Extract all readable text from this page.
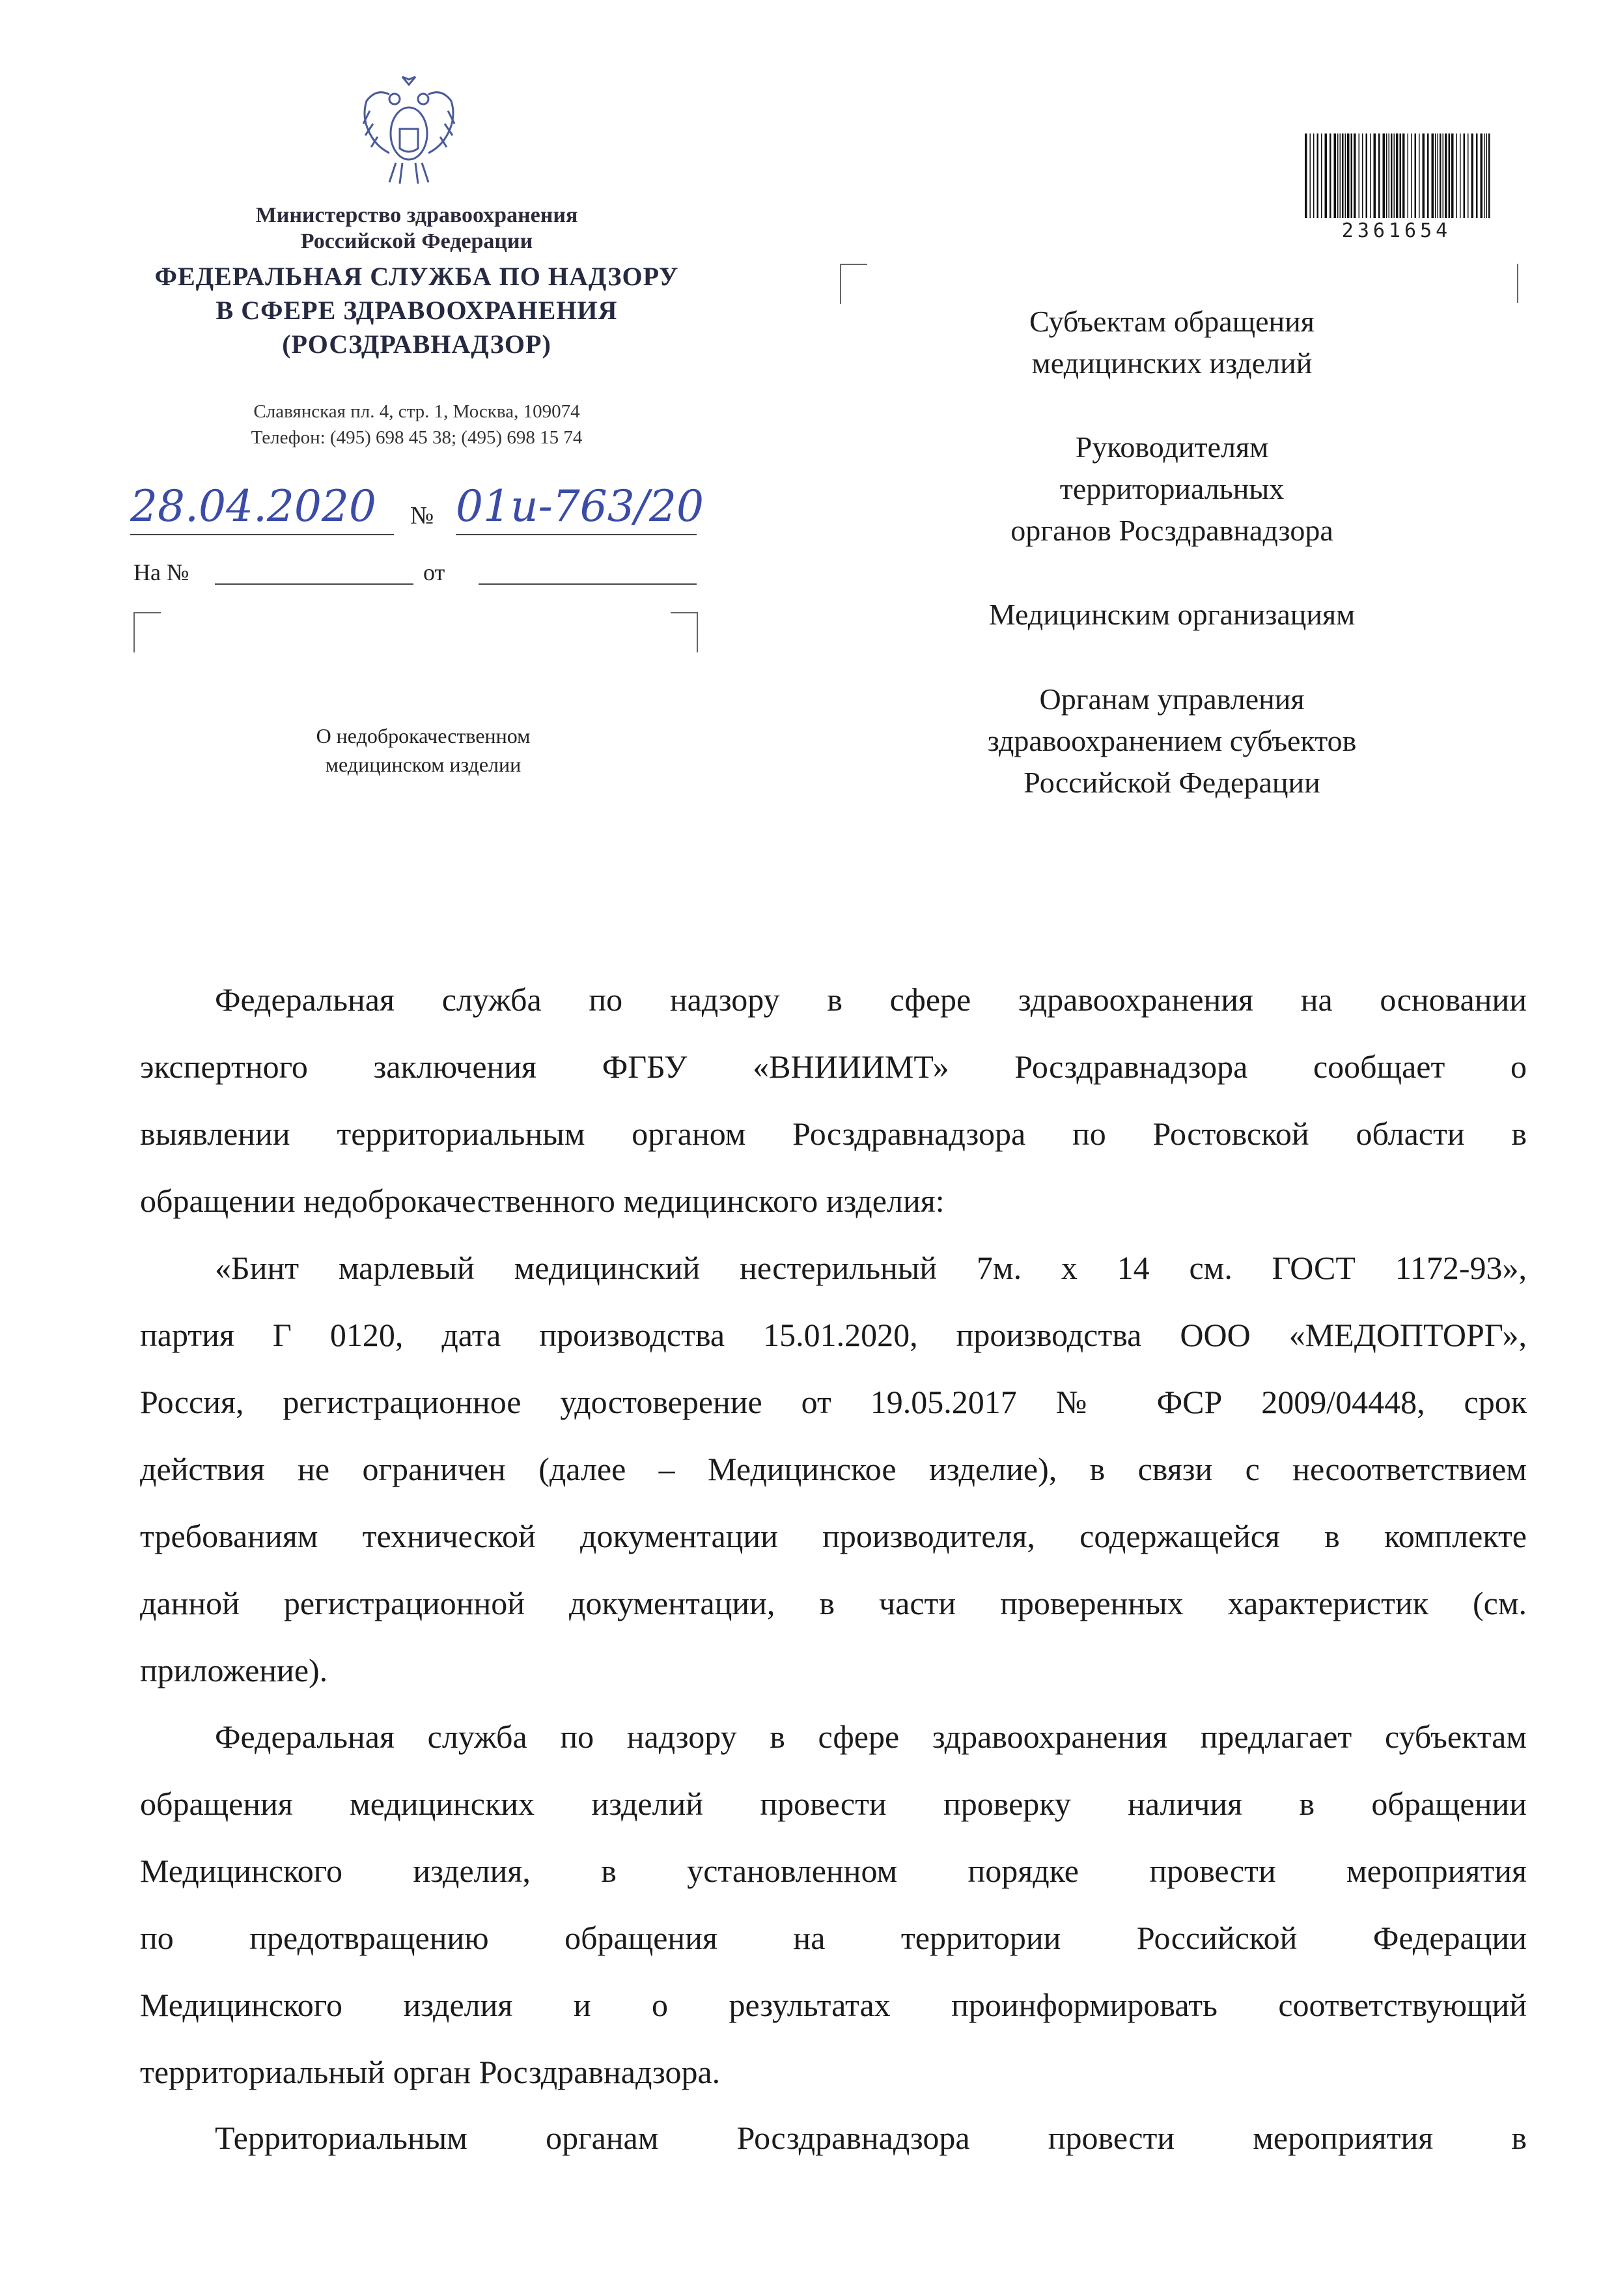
Министерство здравоохранения
Российской Федерации
ФЕДЕРАЛЬНАЯ СЛУЖБА ПО НАДЗОРУ
В СФЕРЕ ЗДРАВООХРАНЕНИЯ
(РОСЗДРАВНАДЗОР)
Славянская пл. 4, стр. 1, Москва, 109074
Телефон: (495) 698 45 38; (495) 698 15 74
28.04.2020	№ 01и-763/20
На №	от
О недоброкачественном
медицинском изделии
2361654
Субъектам обращения
медицинских изделий
Руководителям
территориальных
органов Росздравнадзора
Медицинским организациям
Органам управления
здравоохранением субъектов
Российской Федерации
Федеральная служба по надзору в сфере здравоохранения на основании
экспертного заключения ФГБУ «ВНИИИМТ» Росздравнадзора сообщает о
выявлении территориальным органом Росздравнадзора по Ростовской области в
обращении недоброкачественного медицинского изделия:
«Бинт марлевый медицинский нестерильный 7м. х 14 см. ГОСТ 1172-93»,
партия Г 0120, дата производства 15.01.2020, производства ООО «МЕДОПТОРГ»,
Россия, регистрационное удостоверение от 19.05.2017 № ФСР 2009/04448, срок
действия не ограничен (далее – Медицинское изделие), в связи с несоответствием
требованиям технической документации производителя, содержащейся в комплекте
данной регистрационной документации, в части проверенных характеристик (см.
приложение).
Федеральная служба по надзору в сфере здравоохранения предлагает субъектам
обращения медицинских изделий провести проверку наличия в обращении
Медицинского изделия, в установленном порядке провести мероприятия
по предотвращению обращения на территории Российской Федерации
Медицинского изделия и о результатах проинформировать соответствующий
территориальный орган Росздравнадзора.
Территориальным органам Росздравнадзора провести мероприятия в
